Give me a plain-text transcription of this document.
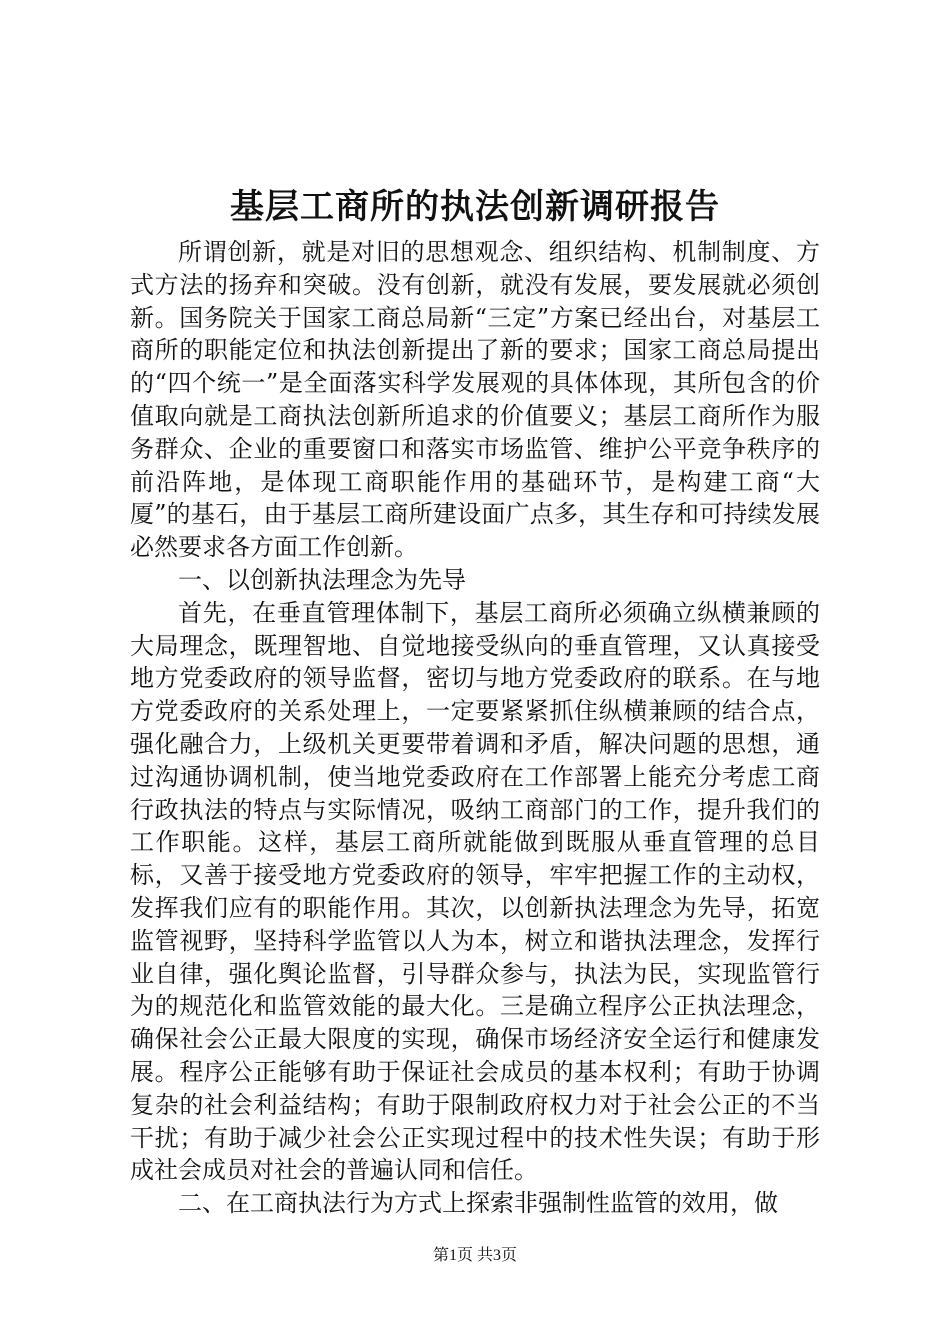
基层工商所的执法创新调研报告

所谓创新，就是对旧的思想观念、组织结构、机制制度、方式方法的扬弃和突破。没有创新，就没有发展，要发展就必须创新。国务院关于国家工商总局新“三定”方案已经出台，对基层工商所的职能定位和执法创新提出了新的要求；国家工商总局提出的“四个统一”是全面落实科学发展观的具体体现，其所包含的价值取向就是工商执法创新所追求的价值要义；基层工商所作为服务群众、企业的重要窗口和落实市场监管、维护公平竞争秩序的前沿阵地，是体现工商职能作用的基础环节，是构建工商“大厦”的基石，由于基层工商所建设面广点多，其生存和可持续发展必然要求各方面工作创新。

一、以创新执法理念为先导

首先，在垂直管理体制下，基层工商所必须确立纵横兼顾的大局理念，既理智地、自觉地接受纵向的垂直管理，又认真接受地方党委政府的领导监督，密切与地方党委政府的联系。在与地方党委政府的关系处理上，一定要紧紧抓住纵横兼顾的结合点，强化融合力，上级机关更要带着调和矛盾，解决问题的思想，通过沟通协调机制，使当地党委政府在工作部署上能充分考虑工商行政执法的特点与实际情况，吸纳工商部门的工作，提升我们的工作职能。这样，基层工商所就能做到既服从垂直管理的总目标，又善于接受地方党委政府的领导，牢牢把握工作的主动权，发挥我们应有的职能作用。其次，以创新执法理念为先导，拓宽监管视野，坚持科学监管以人为本，树立和谐执法理念，发挥行业自律，强化舆论监督，引导群众参与，执法为民，实现监管行为的规范化和监管效能的最大化。三是确立程序公正执法理念，确保社会公正最大限度的实现，确保市场经济安全运行和健康发展。程序公正能够有助于保证社会成员的基本权利；有助于协调复杂的社会利益结构；有助于限制政府权力对于社会公正的不当干扰；有助于减少社会公正实现过程中的技术性失误；有助于形成社会成员对社会的普遍认同和信任。

二、在工商执法行为方式上探索非强制性监管的效用，做

第1页 共3页
